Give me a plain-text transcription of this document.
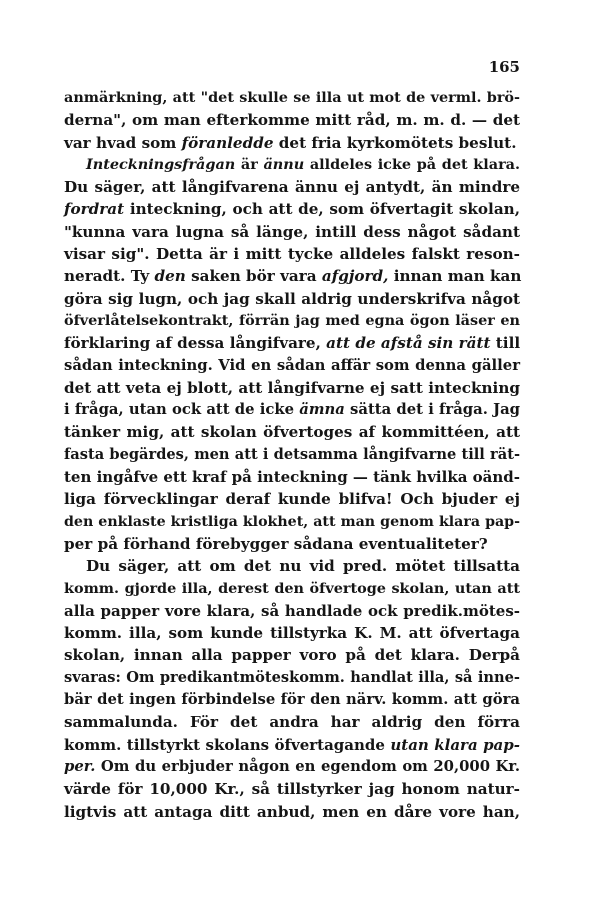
165
anmärkning, att "det skulle se illa ut mot de verml. brö-
derna", om man efterkomme mitt råd, m. m. d. — det
var hvad som föranledde det fria kyrkomötets beslut.
Inteckningsfrågan är ännu alldeles icke på det klara.
Du säger, att långifvarena ännu ej antydt, än mindre
fordrat inteckning, och att de, som öfvertagit skolan,
"kunna vara lugna så länge, intill dess något sådant
visar sig". Detta är i mitt tycke alldeles falskt reson-
neradt. Ty den saken bör vara afgjord, innan man kan
göra sig lugn, och jag skall aldrig underskrifva något
öfverlåtelsekontrakt, förrän jag med egna ögon läser en
förklaring af dessa långifvare, att de afstå sin rätt till
sådan inteckning. Vid en sådan affär som denna gäller
det att veta ej blott, att långifvarne ej satt inteckning
i fråga, utan ock att de icke ämna sätta det i fråga. Jag
tänker mig, att skolan öfvertoges af kommittéen, att
fasta begärdes, men att i detsamma långifvarne till rät-
ten ingåfve ett kraf på inteckning — tänk hvilka oänd-
liga förvecklingar deraf kunde blifva! Och bjuder ej
den enklaste kristliga klokhet, att man genom klara pap-
per på förhand förebygger sådana eventualiteter?
Du säger, att om det nu vid pred. mötet tillsatta
komm. gjorde illa, derest den öfvertoge skolan, utan att
alla papper vore klara, så handlade ock predik.mötes-
komm. illa, som kunde tillstyrka K. M. att öfvertaga
skolan, innan alla papper voro på det klara. Derpå
svaras: Om predikantmöteskomm. handlat illa, så inne-
bär det ingen förbindelse för den närv. komm. att göra
sammalunda. För det andra har aldrig den förra
komm. tillstyrkt skolans öfvertagande utan klara pap-
per. Om du erbjuder någon en egendom om 20,000 Kr.
värde för 10,000 Kr., så tillstyrker jag honom natur-
ligtvis att antaga ditt anbud, men en dåre vore han,
